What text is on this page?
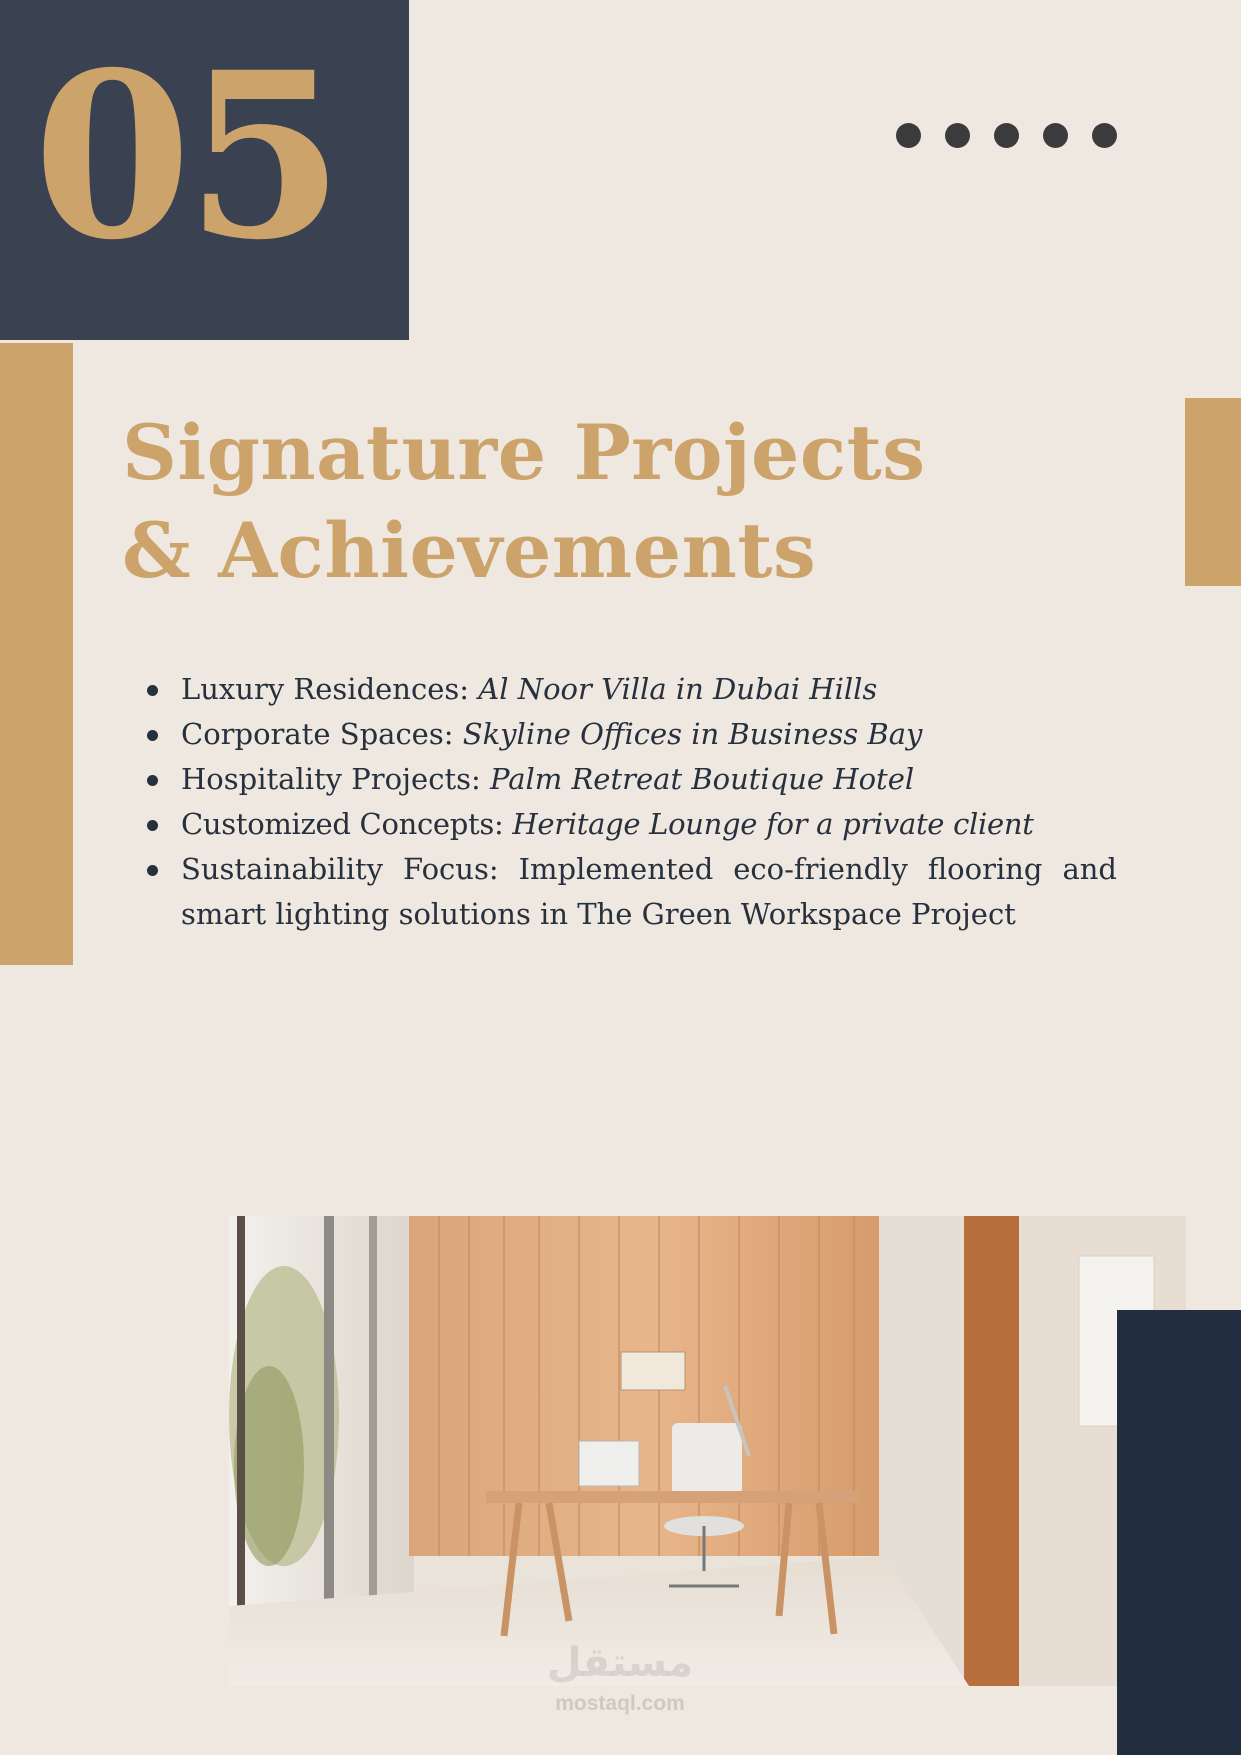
05
Signature Projects
& Achievements
Luxury Residences: Al Noor Villa in Dubai Hills
Corporate Spaces: Skyline Offices in Business Bay
Hospitality Projects: Palm Retreat Boutique Hotel
Customized Concepts: Heritage Lounge for a private client
Sustainability Focus: Implemented eco-friendly flooring and smart lighting solutions in The Green Workspace Project
مستقل
mostaql.com
